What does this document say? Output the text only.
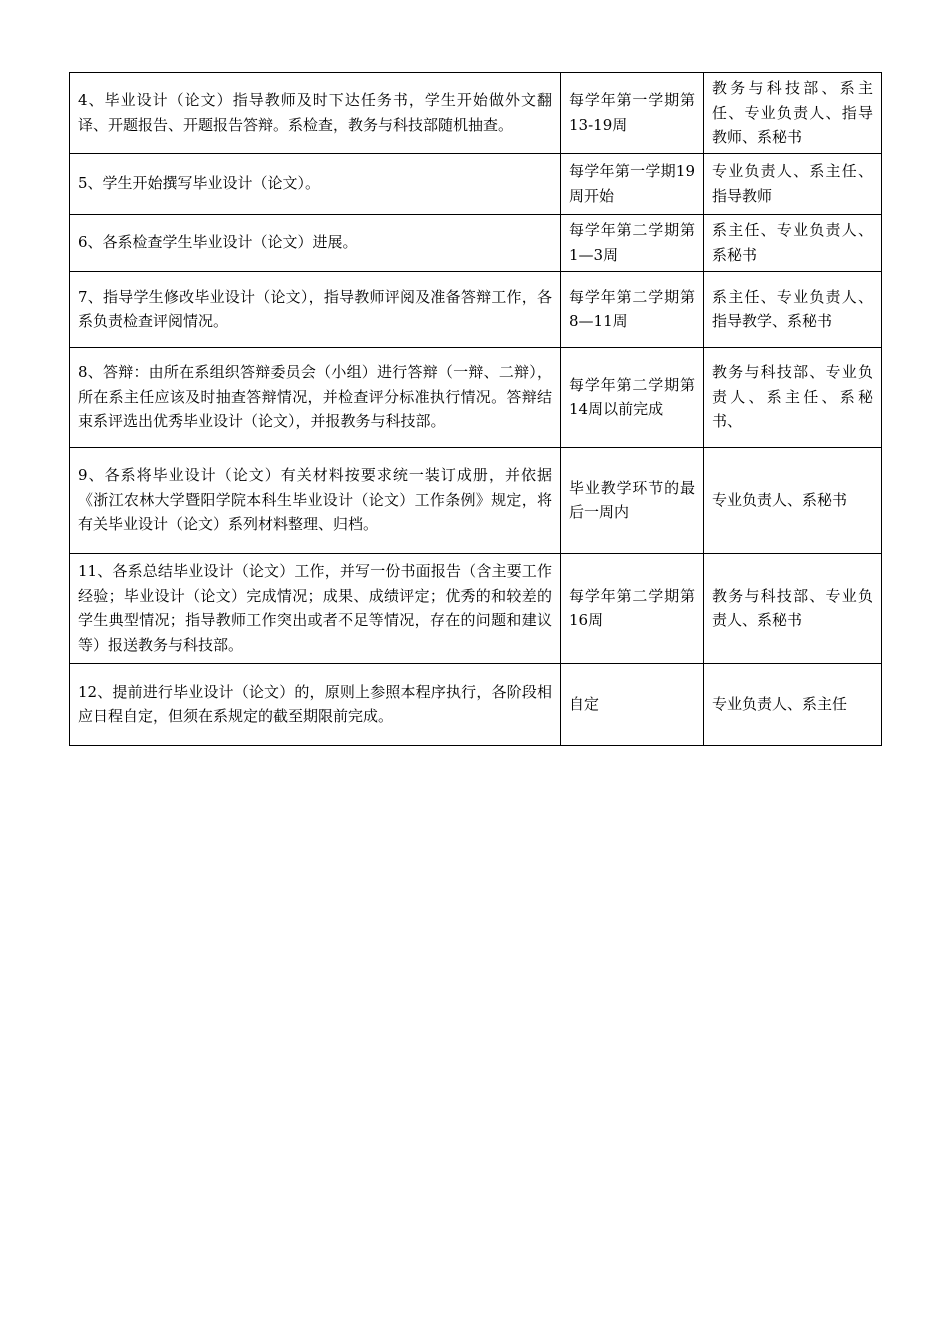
4、毕业设计（论文）指导教师及时下达任务书，学生开始做外文翻译、开题报告、开题报告答辩。系检查，教务与科技部随机抽查。	每学年第一学期第13-19周	教务与科技部、系主任、专业负责人、指导教师、系秘书
5、学生开始撰写毕业设计（论文）。	每学年第一学期19周开始	专业负责人、系主任、指导教师
6、各系检查学生毕业设计（论文）进展。	每学年第二学期第1—3周	系主任、专业负责人、系秘书
7、指导学生修改毕业设计（论文），指导教师评阅及准备答辩工作，各系负责检查评阅情况。	每学年第二学期第8—11周	系主任、专业负责人、指导教学、系秘书
8、答辩：由所在系组织答辩委员会（小组）进行答辩（一辩、二辩），所在系主任应该及时抽查答辩情况，并检查评分标准执行情况。答辩结束系评选出优秀毕业设计（论文），并报教务与科技部。	每学年第二学期第14周以前完成	教务与科技部、专业负责人、系主任、系秘书、
9、各系将毕业设计（论文）有关材料按要求统一装订成册，并依据《浙江农林大学暨阳学院本科生毕业设计（论文）工作条例》规定，将有关毕业设计（论文）系列材料整理、归档。	毕业教学环节的最后一周内	专业负责人、系秘书
11、各系总结毕业设计（论文）工作，并写一份书面报告（含主要工作经验；毕业设计（论文）完成情况；成果、成绩评定；优秀的和较差的学生典型情况；指导教师工作突出或者不足等情况，存在的问题和建议等）报送教务与科技部。	每学年第二学期第16周	教务与科技部、专业负责人、系秘书
12、提前进行毕业设计（论文）的，原则上参照本程序执行，各阶段相应日程自定，但须在系规定的截至期限前完成。	自定	专业负责人、系主任
